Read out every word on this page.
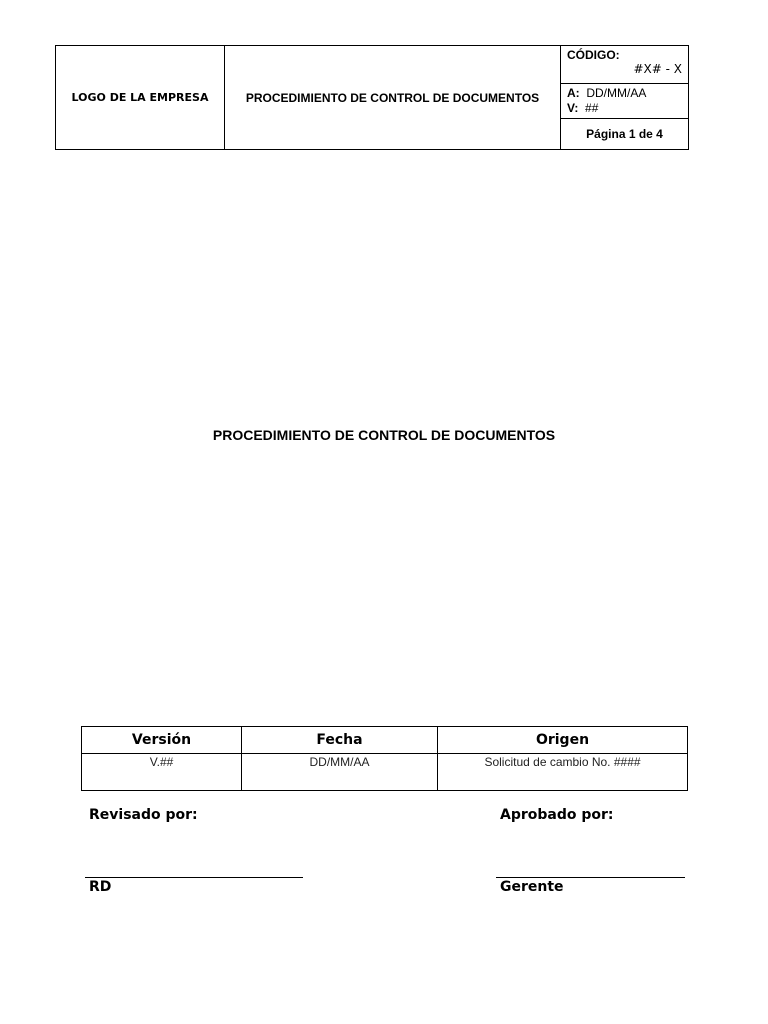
LOGO DE LA EMPRESA	PROCEDIMIENTO DE CONTROL DE DOCUMENTOS	
CÓDIGO:
#X# - X

A: DD/MM/AA
V: ##

Página 1 de 4
PROCEDIMIENTO DE CONTROL DE DOCUMENTOS
Versión	Fecha	Origen
V.##	DD/MM/AA	Solicitud de cambio No. ####
Revisado por:	Aprobado por:
RD	Gerente
